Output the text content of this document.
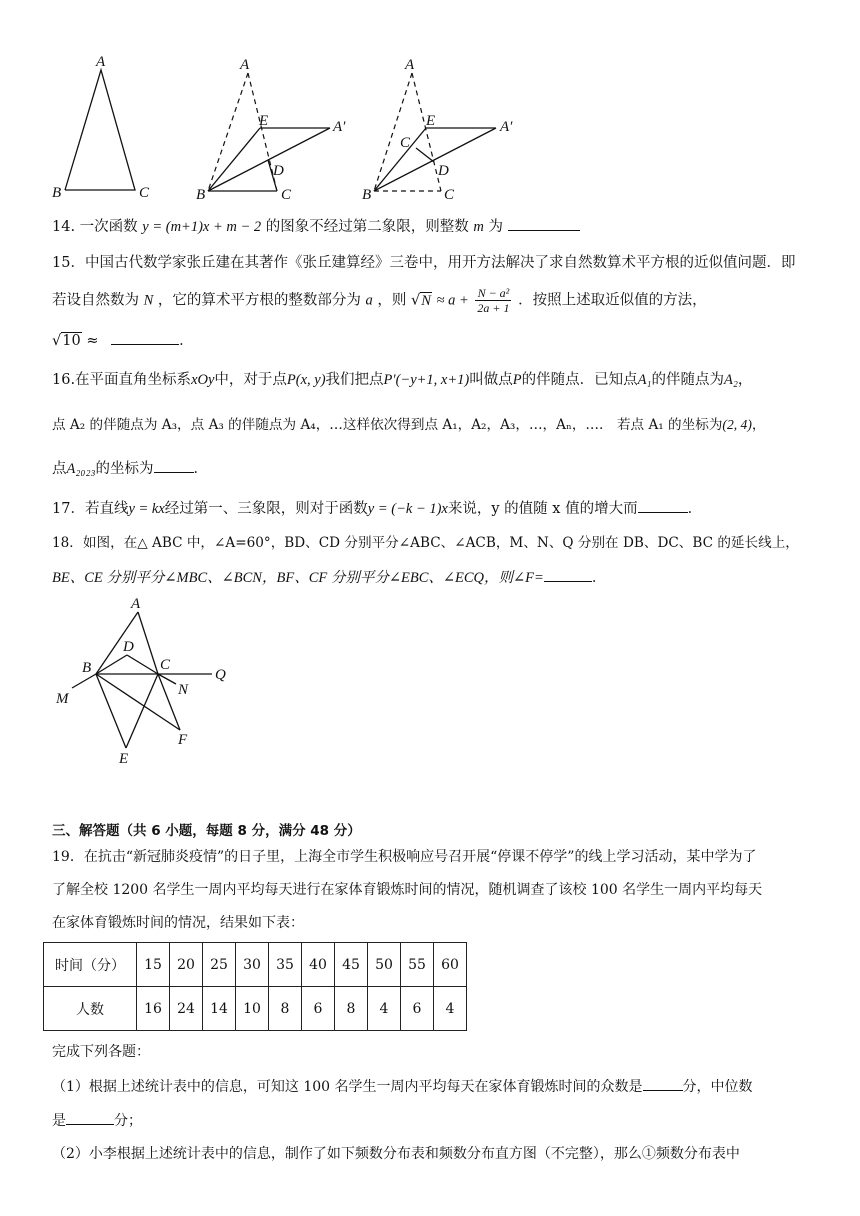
A
B	C
A
E	A′
D
B	C
A
E	A′
C
D
B	C
14. 一次函数 y = (m+1)x + m − 2 的图象不经过第二象限，则整数 m 为
15．中国古代数学家张丘建在其著作《张丘建算经》三卷中，用开方法解决了求自然数算术平方根的近似值问题．即
若设自然数为 N ，它的算术平方根的整数部分为 a ，则 $√N \approx a + \frac{\text{N − a²}}{2a + 1}$ ．按照上述取近似值的方法，
√10 ≈	．
16.在平面直角坐标系xOy中，对于点P(x, y)我们把点P′(−y+1, x+1)叫做点P的伴随点．已知点A₁的伴随点为A₂，
点 A₂ 的伴随点为 A₃，点 A₃ 的伴随点为 A₄，…这样依次得到点 A₁，A₂，A₃，…，Aₙ，….　若点 A₁ 的坐标为(2, 4)，
点A₂₀₂₃的坐标为	．
17．若直线y = kx经过第一、三象限，则对于函数y = (−k − 1)x来说，y 的值随 x 值的增大而	．
18．如图，在△ ABC 中，∠A=60°，BD、CD 分别平分∠ABC、∠ACB，M、N、Q 分别在 DB、DC、BC 的延长线上，
BE、CE 分别平分∠MBC、∠BCN，BF、CF 分别平分∠EBC、∠ECQ，则∠F=	．
A
D
B	C
Q
M
N
F
E
三、解答题（共 6 小题，每题 8 分，满分 48 分）
19．在抗击“新冠肺炎疫情”的日子里，上海全市学生积极响应号召开展“停课不停学”的线上学习活动，某中学为了
了解全校 1200 名学生一周内平均每天进行在家体育锻炼时间的情况，随机调查了该校 100 名学生一周内平均每天
在家体育锻炼时间的情况，结果如下表：
时间（分）	15	20	25	30	35	40	45	50	55	60
人数	16	24	14	10	8	6	8	4	6	4
完成下列各题：
（1）根据上述统计表中的信息，可知这 100 名学生一周内平均每天在家体育锻炼时间的众数是	分，中位数
是	分；
（2）小李根据上述统计表中的信息，制作了如下频数分布表和频数分布直方图（不完整），那么①频数分布表中
